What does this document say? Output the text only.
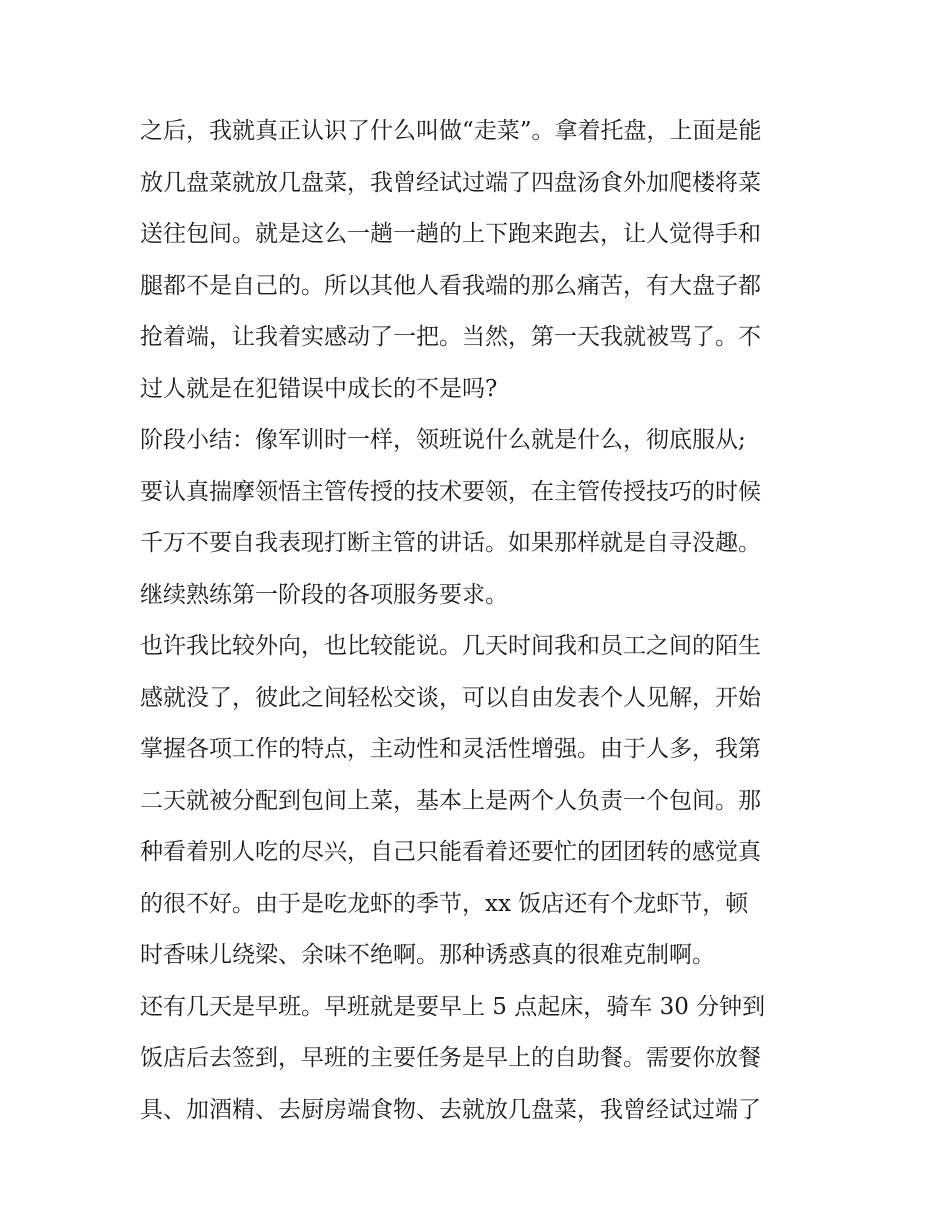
之后，我就真正认识了什么叫做“走菜”。拿着托盘，上面是能
放几盘菜就放几盘菜，我曾经试过端了四盘汤食外加爬楼将菜
送往包间。就是这么一趟一趟的上下跑来跑去，让人觉得手和
腿都不是自己的。所以其他人看我端的那么痛苦，有大盘子都
抢着端，让我着实感动了一把。当然，第一天我就被骂了。不
过人就是在犯错误中成长的不是吗?
阶段小结：像军训时一样，领班说什么就是什么，彻底服从;
要认真揣摩领悟主管传授的技术要领，在主管传授技巧的时候
千万不要自我表现打断主管的讲话。如果那样就是自寻没趣。
继续熟练第一阶段的各项服务要求。
也许我比较外向，也比较能说。几天时间我和员工之间的陌生
感就没了，彼此之间轻松交谈，可以自由发表个人见解，开始
掌握各项工作的特点，主动性和灵活性增强。由于人多，我第
二天就被分配到包间上菜，基本上是两个人负责一个包间。那
种看着别人吃的尽兴，自己只能看着还要忙的团团转的感觉真
的很不好。由于是吃龙虾的季节，xx 饭店还有个龙虾节，顿
时香味儿绕梁、余味不绝啊。那种诱惑真的很难克制啊。
还有几天是早班。早班就是要早上 5 点起床，骑车 30 分钟到
饭店后去签到，早班的主要任务是早上的自助餐。需要你放餐
具、加酒精、去厨房端食物、去就放几盘菜，我曾经试过端了
